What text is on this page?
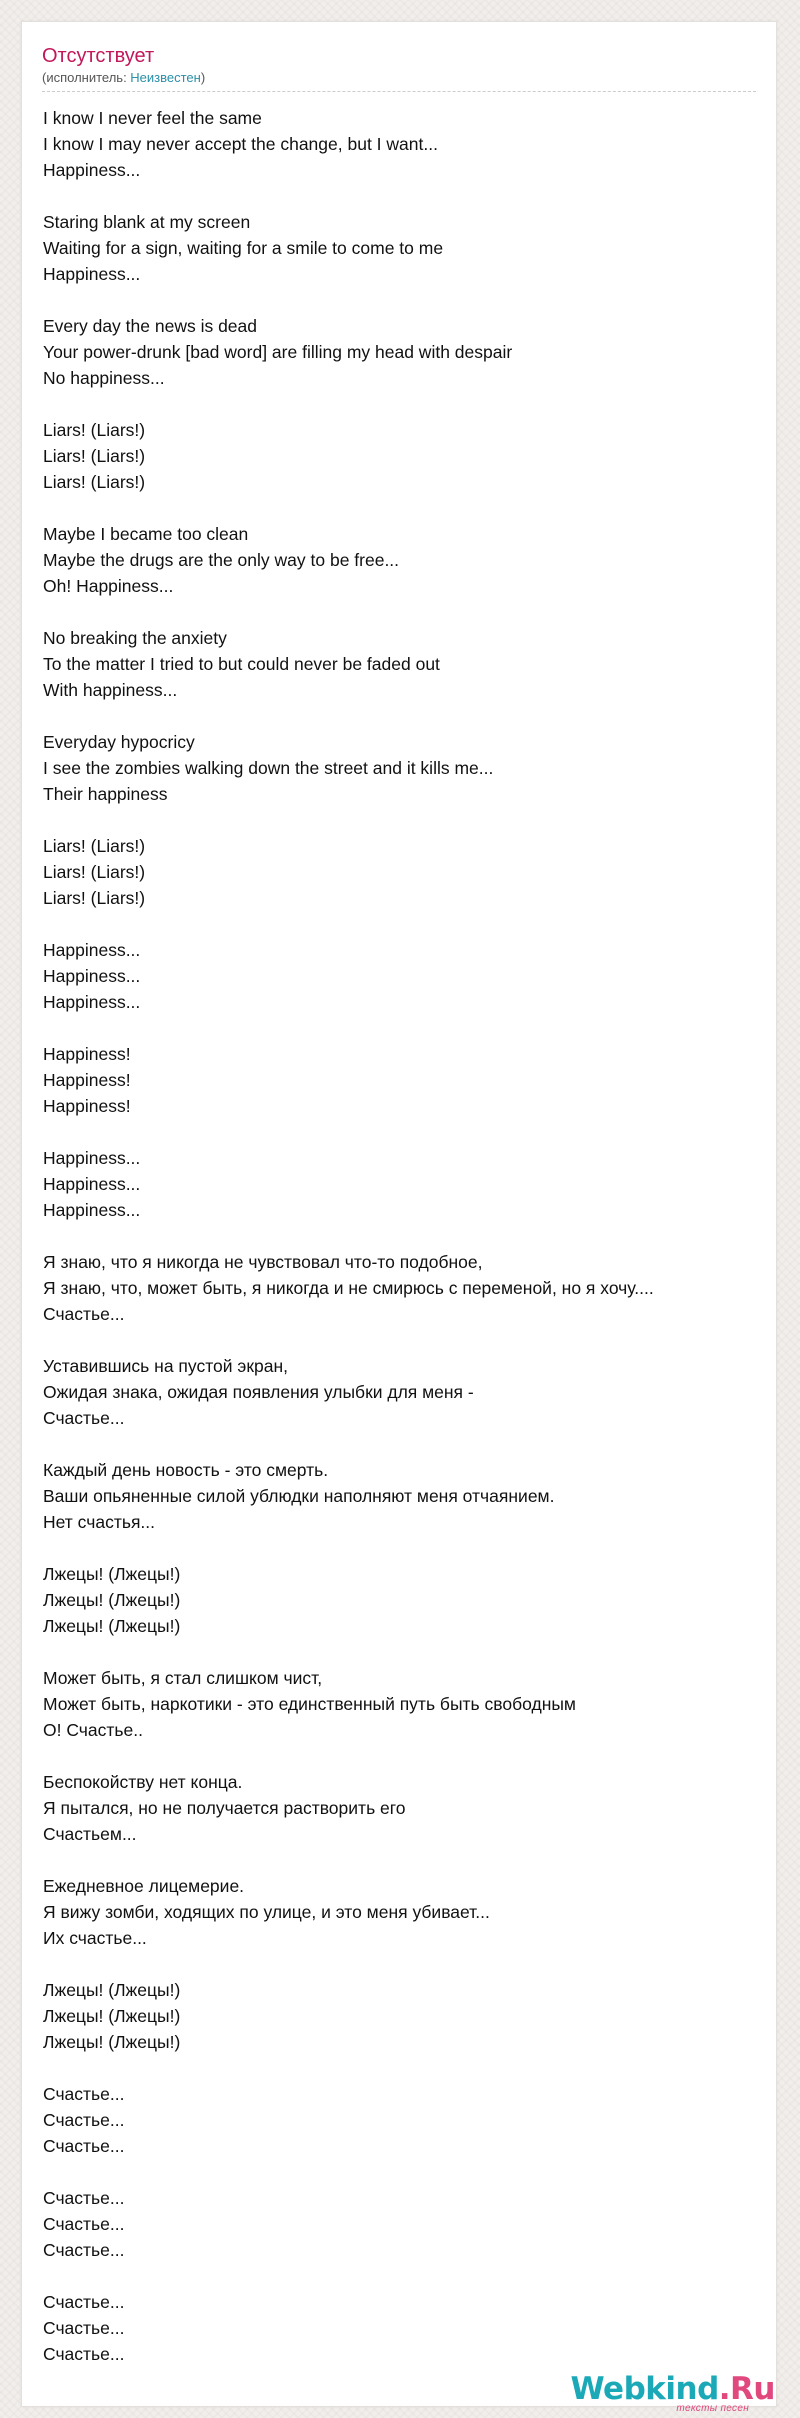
Отсутствует
(исполнитель: Неизвестен)
I know I never feel the same
I know I may never accept the change, but I want...
Happiness...
Staring blank at my screen
Waiting for a sign, waiting for a smile to come to me
Happiness...
Every day the news is dead
Your power-drunk [bad word] are filling my head with despair
No happiness...
Liars! (Liars!)
Liars! (Liars!)
Liars! (Liars!)
Maybe I became too clean
Maybe the drugs are the only way to be free...
Oh! Happiness...
No breaking the anxiety
To the matter I tried to but could never be faded out
With happiness...
Everyday hypocricy
I see the zombies walking down the street and it kills me...
Their happiness
Liars! (Liars!)
Liars! (Liars!)
Liars! (Liars!)
Happiness...
Happiness...
Happiness...
Happiness!
Happiness!
Happiness!
Happiness...
Happiness...
Happiness...
Я знаю, что я никогда не чувствовал что-то подобное,
Я знаю, что, может быть, я никогда и не смирюсь с переменой, но я хочу....
Счастье...
Уставившись на пустой экран,
Ожидая знака, ожидая появления улыбки для меня -
Счастье...
Каждый день новость - это смерть.
Ваши опьяненные силой ублюдки наполняют меня отчаянием.
Нет счастья...
Лжецы! (Лжецы!)
Лжецы! (Лжецы!)
Лжецы! (Лжецы!)
Может быть, я стал слишком чист,
Может быть, наркотики - это единственный путь быть свободным
О! Счастье..
Беспокойству нет конца.
Я пытался, но не получается растворить его
Счастьем...
Ежедневное лицемерие.
Я вижу зомби, ходящих по улице, и это меня убивает...
Их счастье...
Лжецы! (Лжецы!)
Лжецы! (Лжецы!)
Лжецы! (Лжецы!)
Счастье...
Счастье...
Счастье...
Счастье...
Счастье...
Счастье...
Счастье...
Счастье...
Счастье...
Webkind.Ru
тексты песен
